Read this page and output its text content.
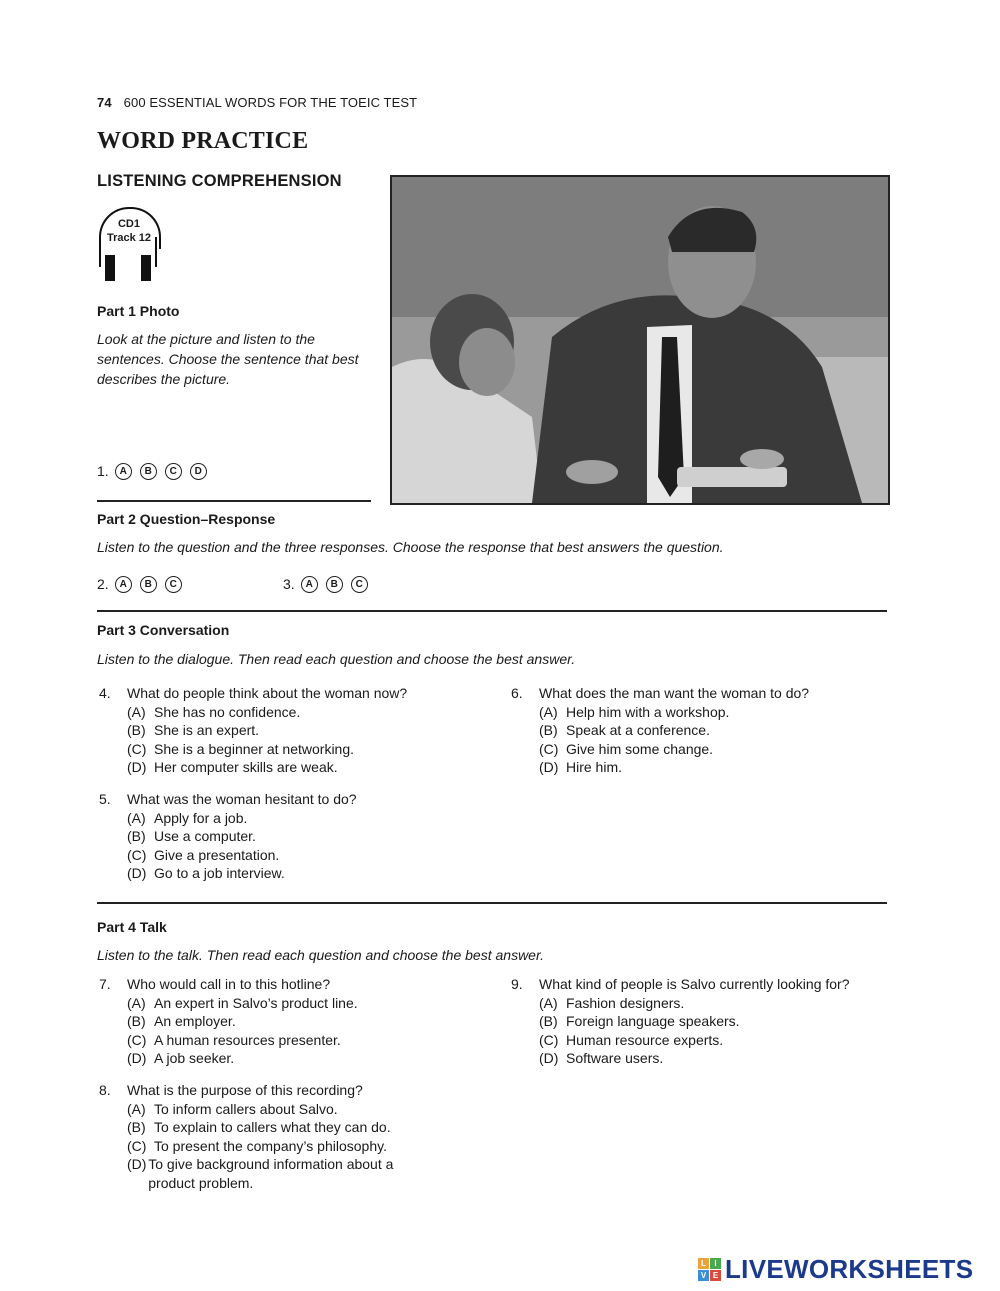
74 600 ESSENTIAL WORDS FOR THE TOEIC TEST
WORD PRACTICE
LISTENING COMPREHENSION
CD1
Track 12
Part 1 Photo
Look at the picture and listen to the sentences. Choose the sentence that best describes the picture.
1. A B C D
Part 2 Question–Response
Listen to the question and the three responses. Choose the response that best answers the question.
2. A B C	3. A B C
Part 3 Conversation
Listen to the dialogue. Then read each question and choose the best answer.
4.	What do people think about the woman now?
(A) She has no confidence.
(B) She is an expert.
(C) She is a beginner at networking.
(D) Her computer skills are weak.
5.	What was the woman hesitant to do?
(A) Apply for a job.
(B) Use a computer.
(C) Give a presentation.
(D) Go to a job interview.
6.	What does the man want the woman to do?
(A) Help him with a workshop.
(B) Speak at a conference.
(C) Give him some change.
(D) Hire him.
Part 4 Talk
Listen to the talk. Then read each question and choose the best answer.
7.	Who would call in to this hotline?
(A) An expert in Salvo’s product line.
(B) An employer.
(C) A human resources presenter.
(D) A job seeker.
8.	What is the purpose of this recording?
(A) To inform callers about Salvo.
(B) To explain to callers what they can do.
(C) To present the company’s philosophy.
(D) To give background information about a product problem.
9.	What kind of people is Salvo currently looking for?
(A) Fashion designers.
(B) Foreign language speakers.
(C) Human resource experts.
(D) Software users.
L	I
V E LIVEWORKSHEETS
